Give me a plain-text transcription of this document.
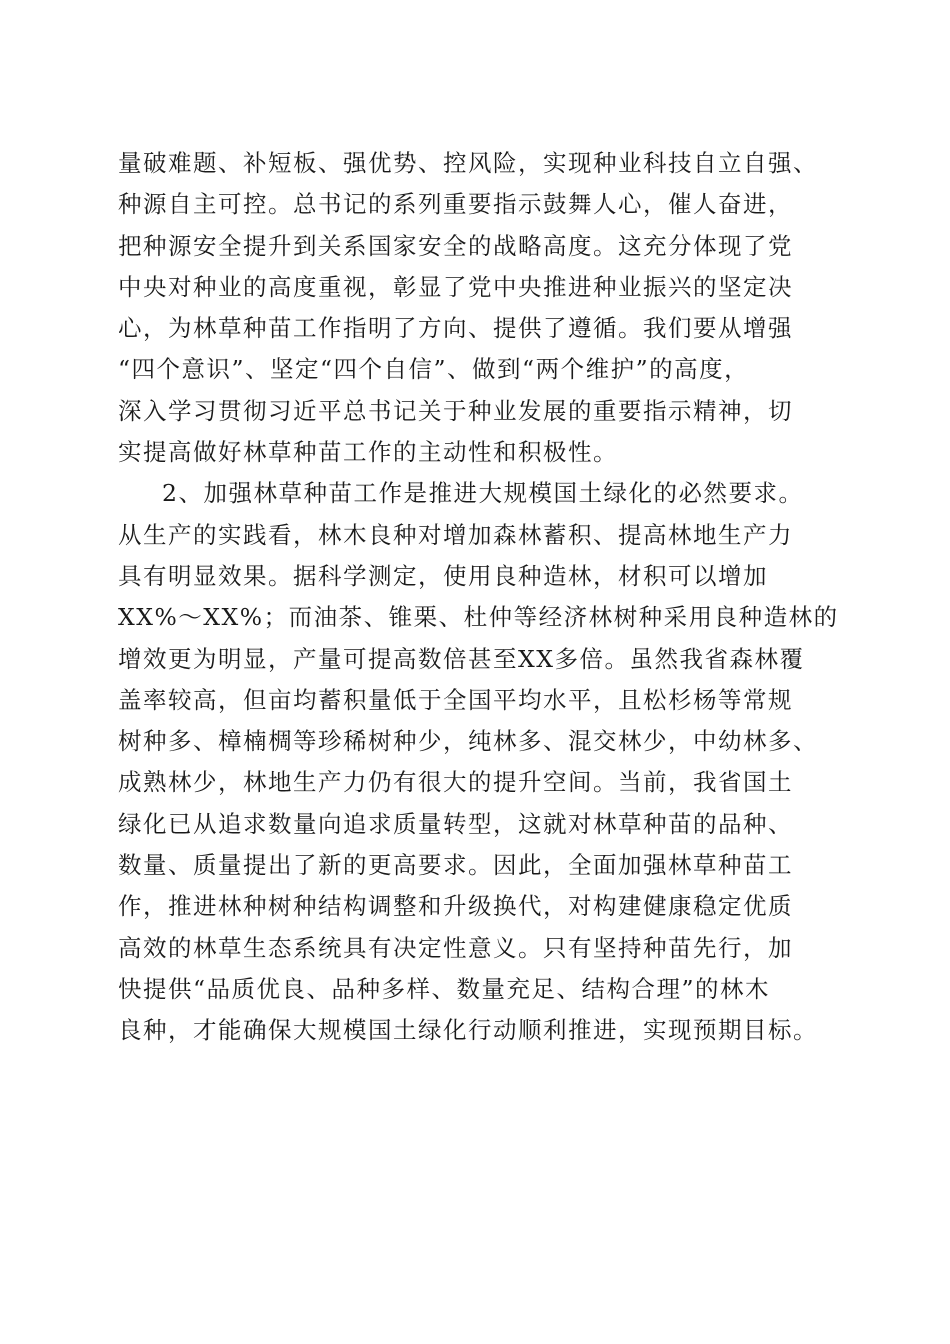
量破难题、补短板、强优势、控风险，实现种业科技自立自强、
种源自主可控。总书记的系列重要指示鼓舞人心，催人奋进，
把种源安全提升到关系国家安全的战略高度。这充分体现了党
中央对种业的高度重视，彰显了党中央推进种业振兴的坚定决
心，为林草种苗工作指明了方向、提供了遵循。我们要从增强
“四个意识”、坚定“四个自信”、做到“两个维护”的高度，
深入学习贯彻习近平总书记关于种业发展的重要指示精神，切
实提高做好林草种苗工作的主动性和积极性。
2、加强林草种苗工作是推进大规模国土绿化的必然要求。
从生产的实践看，林木良种对增加森林蓄积、提高林地生产力
具有明显效果。据科学测定，使用良种造林，材积可以增加
XX%～XX%；而油茶、锥栗、杜仲等经济林树种采用良种造林的
增效更为明显，产量可提高数倍甚至XX多倍。虽然我省森林覆
盖率较高，但亩均蓄积量低于全国平均水平，且松杉杨等常规
树种多、樟楠椆等珍稀树种少，纯林多、混交林少，中幼林多、
成熟林少，林地生产力仍有很大的提升空间。当前，我省国土
绿化已从追求数量向追求质量转型，这就对林草种苗的品种、
数量、质量提出了新的更高要求。因此，全面加强林草种苗工
作，推进林种树种结构调整和升级换代，对构建健康稳定优质
高效的林草生态系统具有决定性意义。只有坚持种苗先行，加
快提供“品质优良、品种多样、数量充足、结构合理”的林木
良种，才能确保大规模国土绿化行动顺利推进，实现预期目标。
